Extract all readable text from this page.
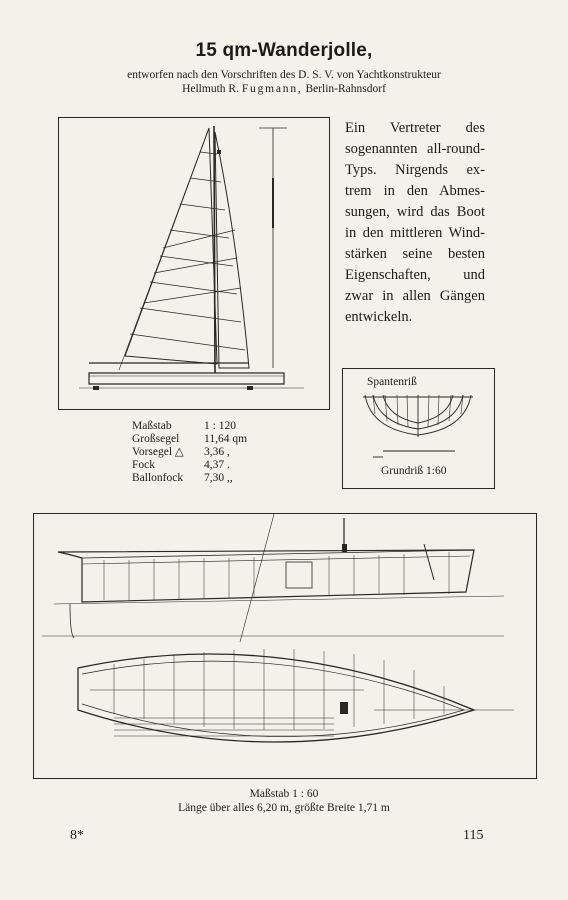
15 qm-Wanderjolle,
entworfen nach den Vorschriften des D. S. V. von Yachtkonstrukteur
Hellmuth R. Fugmann, Berlin-Rahnsdorf
Ein Vertreter des
sogenannten all-round-
Typs. Nirgends ex-
trem in den Abmes-
sungen, wird das Boot
in den mittleren Wind-
stärken seine besten
Eigenschaften, und
zwar in allen Gängen
entwickeln.
Maßstab	1 : 120
Großsegel 11,64 qm
Vorsegel △ 3,36 ,
Fock	4,37 .
Ballonfock 7,30 ,,
Spantenriß
Grundriß 1:60
Maßstab 1 : 60
Länge über alles 6,20 m, größte Breite 1,71 m
8*	115
